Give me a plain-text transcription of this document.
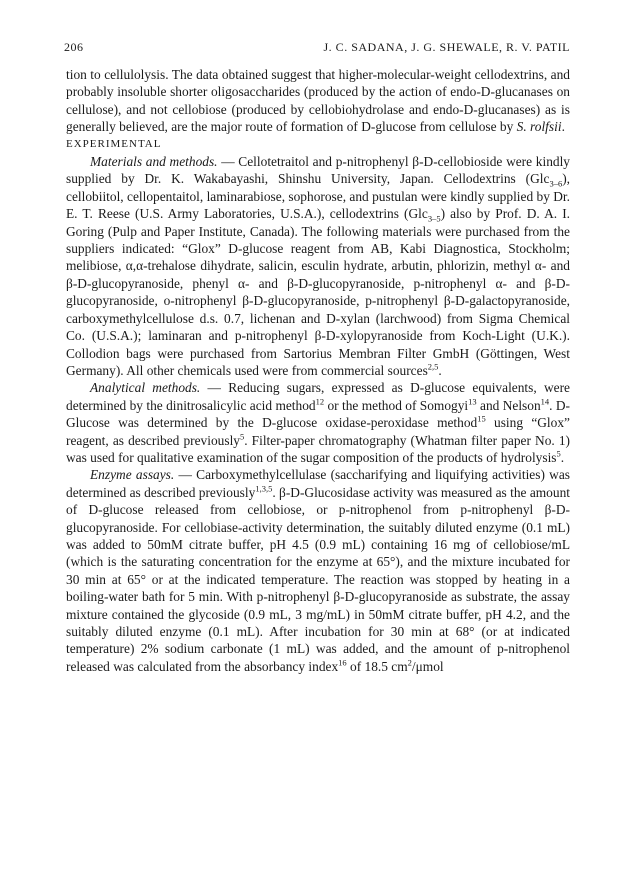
206	J. C. SADANA, J. G. SHEWALE, R. V. PATIL

tion to cellulolysis. The data obtained suggest that higher-molecular-weight cellodextrins, and probably insoluble shorter oligosaccharides (produced by the action of endo-D-glucanases on cellulose), and not cellobiose (produced by cellobiohydrolase and endo-D-glucanases) as is generally believed, are the major route of formation of D-glucose from cellulose by S. rolfsii.

EXPERIMENTAL

Materials and methods. — Cellotetraitol and p-nitrophenyl β-D-cellobioside were kindly supplied by Dr. K. Wakabayashi, Shinshu University, Japan. Cellodextrins (Glc$_{3-6}$), cellobiitol, cellopentaitol, laminarabiose, sophorose, and pustulan were kindly supplied by Dr. E. T. Reese (U.S. Army Laboratories, U.S.A.), cellodextrins (Glc$_{3-5}$) also by Prof. D. A. I. Goring (Pulp and Paper Institute, Canada). The following materials were purchased from the suppliers indicated: “Glox” D-glucose reagent from AB, Kabi Diagnostica, Stockholm; melibiose, α,α-trehalose dihydrate, salicin, esculin hydrate, arbutin, phlorizin, methyl α- and β-D-glucopyranoside, phenyl α- and β-D-glucopyranoside, p-nitrophenyl α- and β-D-glucopyranoside, o-nitrophenyl β-D-glucopyranoside, p-nitrophenyl β-D-galactopyranoside, carboxymethylcellulose d.s. 0.7, lichenan and D-xylan (larchwood) from Sigma Chemical Co. (U.S.A.); laminaran and p-nitrophenyl β-D-xylopyranoside from Koch-Light (U.K.). Collodion bags were purchased from Sartorius Membran Filter GmbH (Göttingen, West Germany). All other chemicals used were from commercial sources$^{2,5}$.

Analytical methods. — Reducing sugars, expressed as D-glucose equivalents, were determined by the dinitrosalicylic acid method$^{12}$ or the method of Somogyi$^{13}$ and Nelson$^{14}$. D-Glucose was determined by the D-glucose oxidase-peroxidase method$^{15}$ using “Glox” reagent, as described previously$^5$. Filter-paper chromatography (Whatman filter paper No. 1) was used for qualitative examination of the sugar composition of the products of hydrolysis$^5$.

Enzyme assays. — Carboxymethylcellulase (saccharifying and liquifying activities) was determined as described previously$^{1,3,5}$. β-D-Glucosidase activity was measured as the amount of D-glucose released from cellobiose, or p-nitrophenol from p-nitrophenyl β-D-glucopyranoside. For cellobiase-activity determination, the suitably diluted enzyme (0.1 mL) was added to 50mM citrate buffer, pH 4.5 (0.9 mL) containing 16 mg of cellobiose/mL (which is the saturating concentration for the enzyme at 65°), and the mixture incubated for 30 min at 65° or at the indicated temperature. The reaction was stopped by heating in a boiling-water bath for 5 min. With p-nitrophenyl β-D-glucopyranoside as substrate, the assay mixture contained the glycoside (0.9 mL, 3 mg/mL) in 50mM citrate buffer, pH 4.2, and the suitably diluted enzyme (0.1 mL). After incubation for 30 min at 68° (or at indicated temperature) 2% sodium carbonate (1 mL) was added, and the amount of p-nitrophenol released was calculated from the absorbancy index$^{16}$ of 18.5 $cm^2$/μmol
